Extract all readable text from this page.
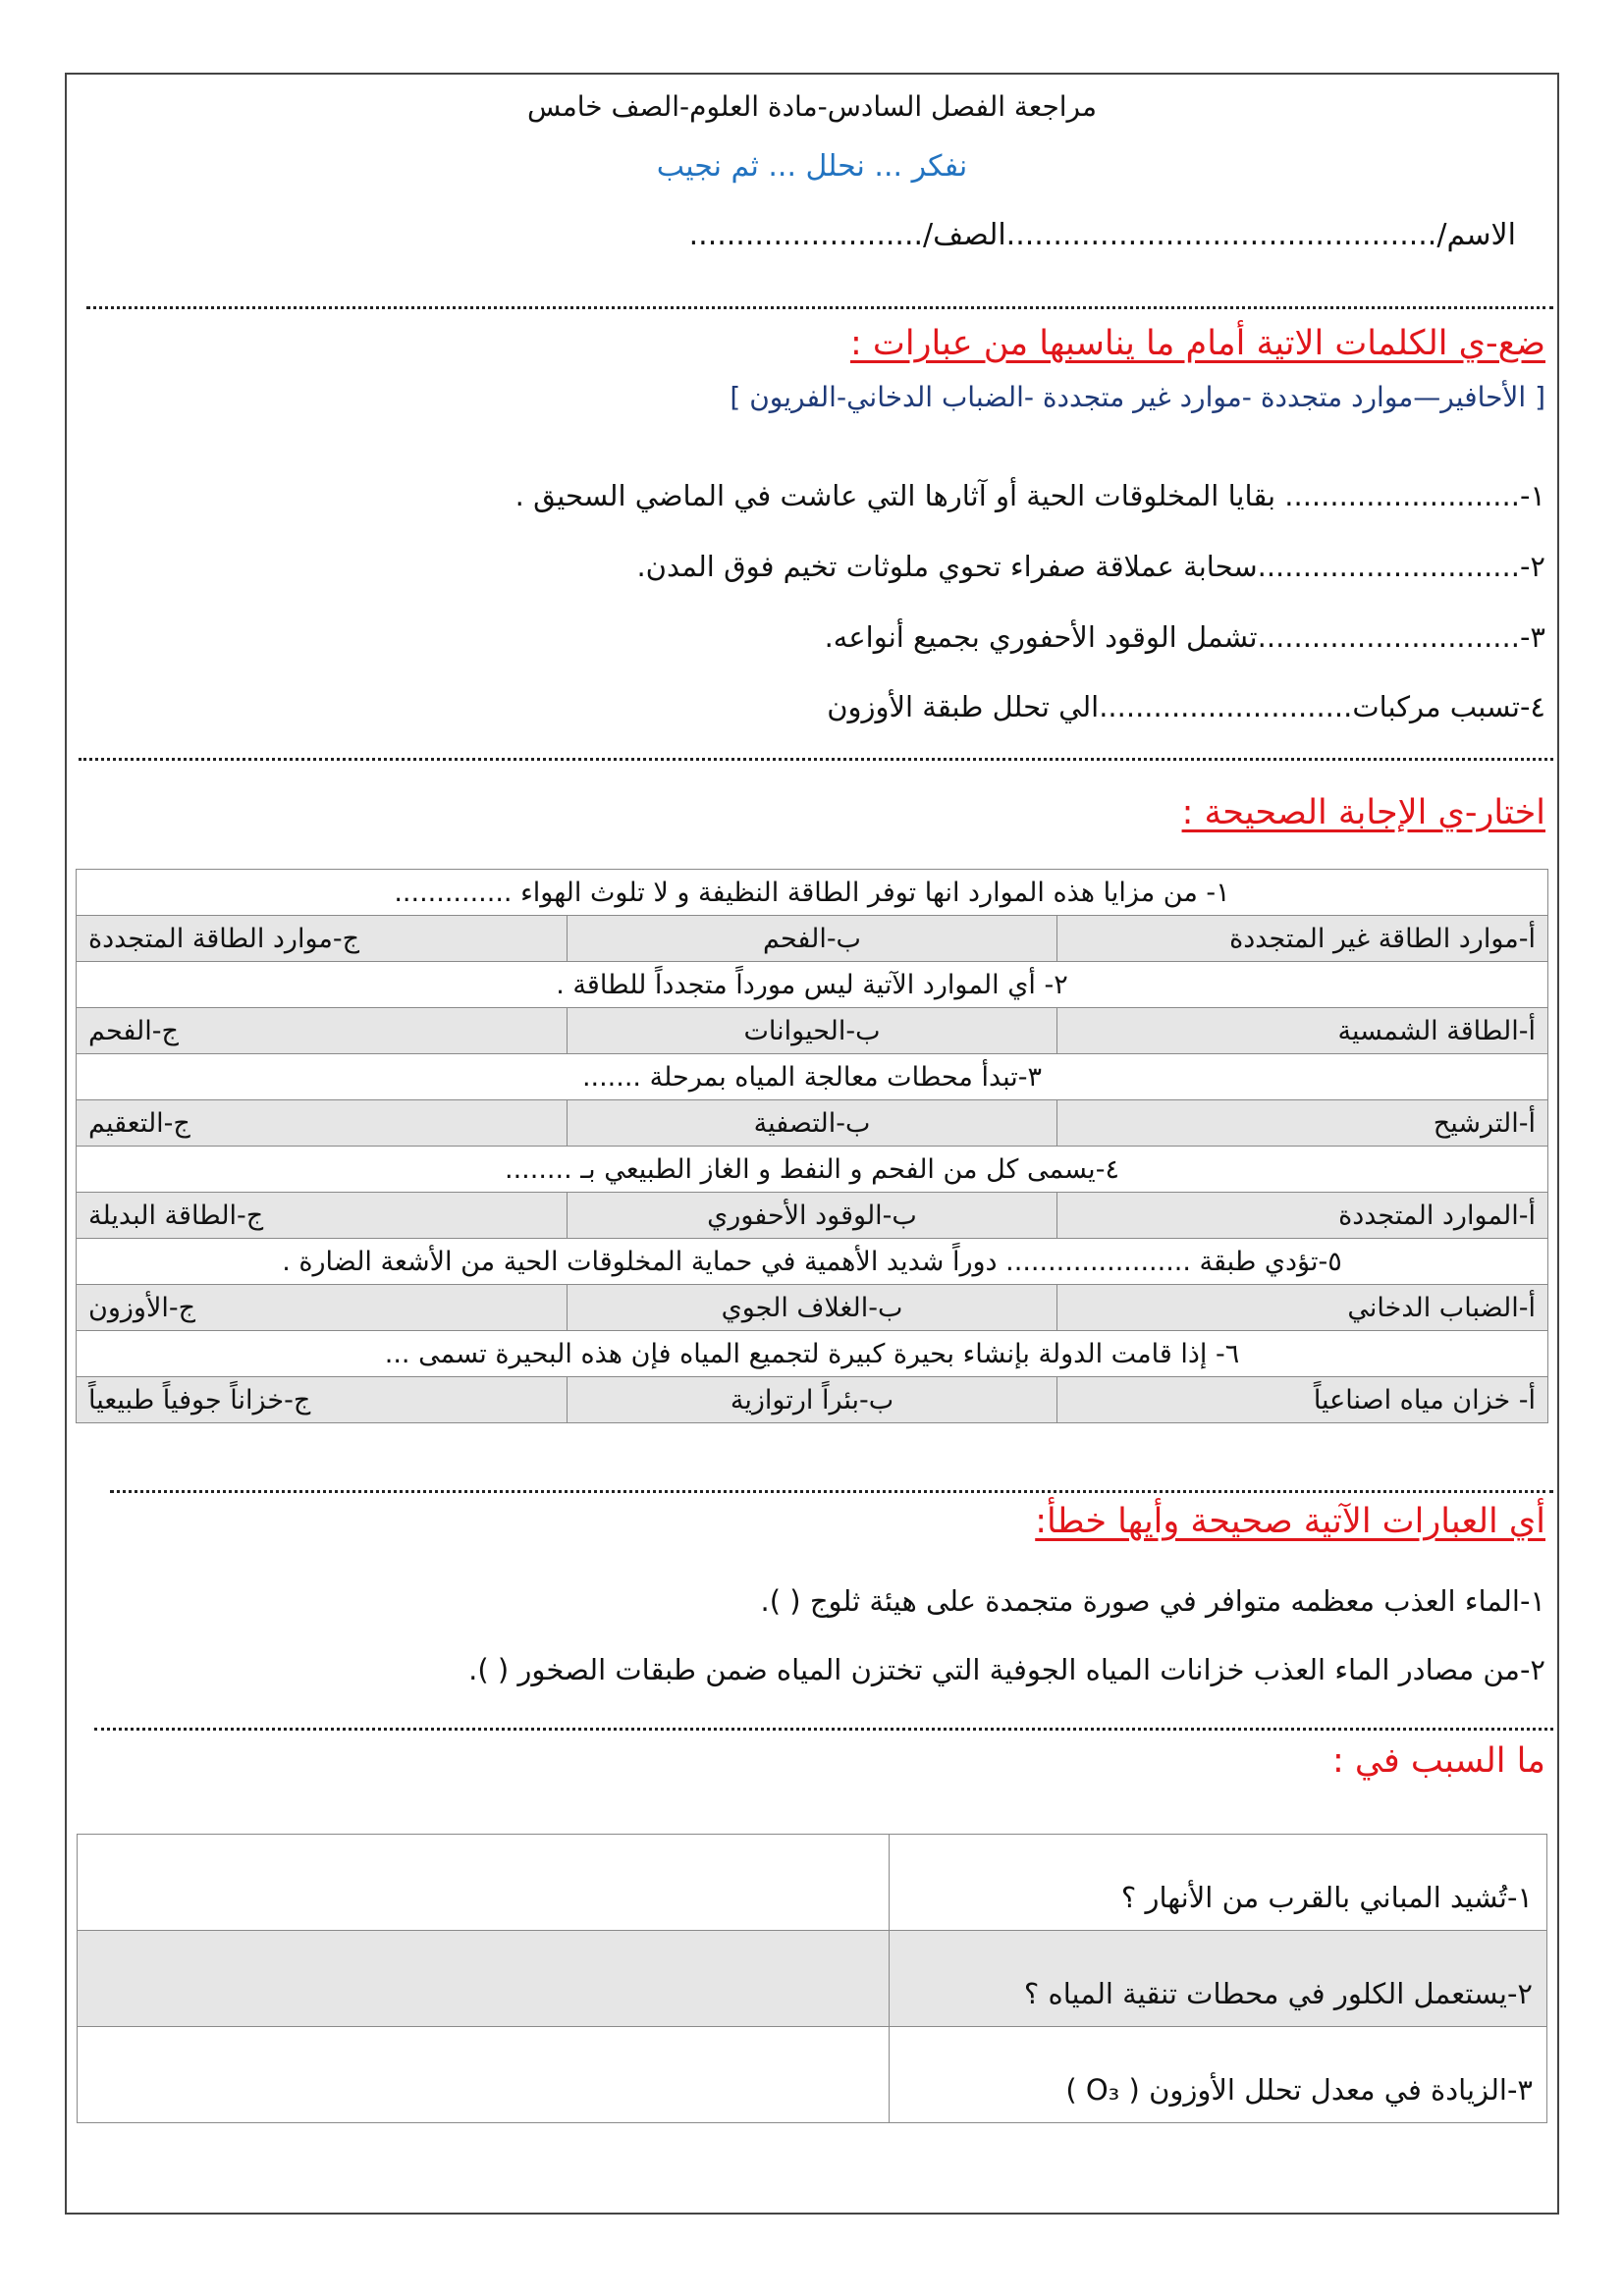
مراجعة الفصل السادس-مادة العلوم-الصف خامس
نفكر ... نحلل ... ثم نجيب
الاسم/..............................................الصف/.........................
ضع-ي الكلمات الاتية أمام ما يناسبها من عبارات :
[ الأحافير—موارد متجددة -موارد غير متجددة -الضباب الدخاني-الفريون ]
١-.......................... بقايا المخلوقات الحية أو آثارها التي عاشت في الماضي السحيق .
٢-.............................سحابة عملاقة صفراء تحوي ملوثات تخيم فوق المدن.
٣-.............................تشمل الوقود الأحفوري بجميع أنواعه.
٤-تسبب مركبات............................الي تحلل طبقة الأوزون
اختار-ي الإجابة الصحيحة :
١- من مزايا هذه الموارد انها توفر الطاقة النظيفة و لا تلوث الهواء ..............		
أ-موارد الطاقة غير المتجددة	ب-الفحم	ج-موارد الطاقة المتجددة
٢- أي الموارد الآتية ليس مورداً متجدداً للطاقة .		
أ-الطاقة الشمسية	ب-الحيوانات	ج-الفحم
٣-تبدأ محطات معالجة المياه بمرحلة .......		
أ-الترشيح	ب-التصفية	ج-التعقيم
٤-يسمى كل من الفحم و النفط و الغاز الطبيعي بـ ........		
أ-الموارد المتجددة	ب-الوقود الأحفوري	ج-الطاقة البديلة
٥-تؤدي طبقة ...................... دوراً شديد الأهمية في حماية المخلوقات الحية من الأشعة الضارة .		
أ-الضباب الدخاني	ب-الغلاف الجوي	ج-الأوزون
٦- إذا قامت الدولة بإنشاء بحيرة كبيرة لتجميع المياه فإن هذه البحيرة تسمى ...		
أ- خزان مياه اصناعياً	ب-بئراً ارتوازية	ج-خزاناً جوفياً طبيعياً
أي العبارات الآتية صحيحة وأيها خطأ:
١-الماء العذب معظمه متوافر في صورة متجمدة على هيئة ثلوج ( ).
٢-من مصادر الماء العذب خزانات المياه الجوفية التي تختزن المياه ضمن طبقات الصخور ( ).
ما السبب في :
١-تُشيد المباني بالقرب من الأنهار ؟	
٢-يستعمل الكلور في محطات تنقية المياه ؟	
٣-الزيادة في معدل تحلل الأوزون ( O₃ )	
